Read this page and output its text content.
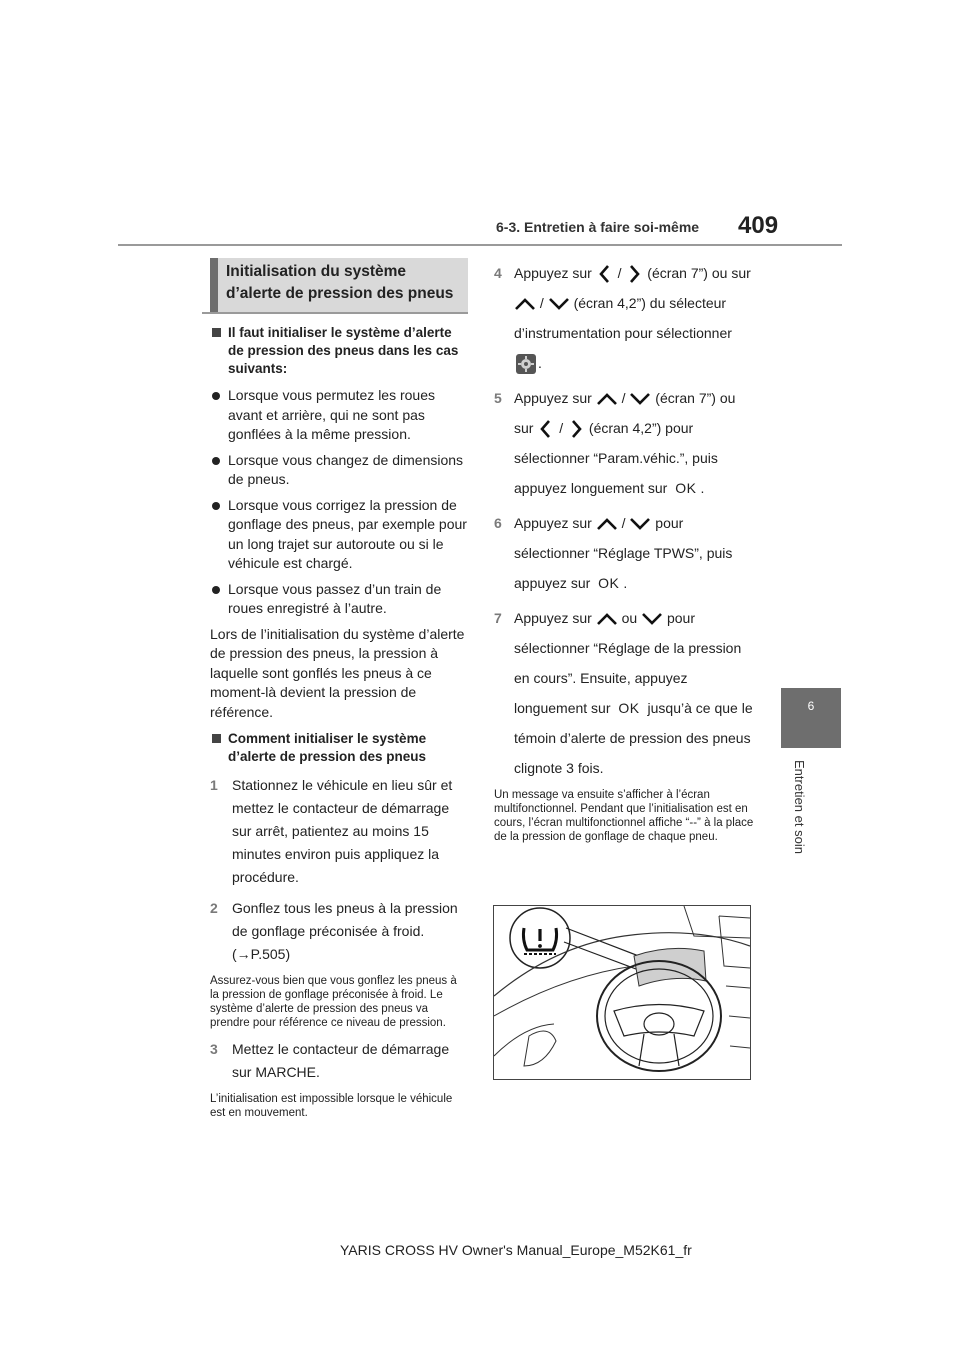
6-3. Entretien à faire soi-même 409
6
Entretien et soin
Initialisation du système d’alerte de pression des pneus
Il faut initialiser le système d’alerte de pression des pneus dans les cas suivants:
Lorsque vous permutez les roues avant et arrière, qui ne sont pas gonflées à la même pression.
Lorsque vous changez de dimensions de pneus.
Lorsque vous corrigez la pression de gonflage des pneus, par exemple pour un long trajet sur autoroute ou si le véhicule est chargé.
Lorsque vous passez d’un train de roues enregistré à l’autre.
Lors de l’initialisation du système d’alerte de pression des pneus, la pression à laquelle sont gonflés les pneus à ce moment-là devient la pression de référence.
Comment initialiser le système d’alerte de pression des pneus
1 Stationnez le véhicule en lieu sûr et mettez le contacteur de démarrage sur arrêt, patientez au moins 15 minutes environ puis appliquez la procédure.
2 Gonflez tous les pneus à la pression de gonflage préconisée à froid. (→P.505)
Assurez-vous bien que vous gonflez les pneus à la pression de gonflage préconisée à froid. Le système d’alerte de pression des pneus va prendre pour référence ce niveau de pression.
3 Mettez le contacteur de démarrage sur MARCHE.
L’initialisation est impossible lorsque le véhicule est en mouvement.
4 Appuyez sur / (écran 7”) ou sur  / (écran 4,2”) du sélecteur d’instrumentation pour sélectionner .
5 Appuyez sur / (écran 7”) ou sur / (écran 4,2”) pour sélectionner “Param.véhic.”, puis appuyez longuement sur OK .
6 Appuyez sur / pour sélectionner “Réglage TPWS”, puis appuyez sur OK .
7 Appuyez sur ou pour sélectionner “Réglage de la pression en cours”. Ensuite, appuyez longuement sur OK jusqu’à ce que le témoin d’alerte de pression des pneus clignote 3 fois.
Un message va ensuite s’afficher à l’écran multifonctionnel. Pendant que l’initialisation est en cours, l’écran multifonctionnel affiche “--” à la place de la pression de gonflage de chaque pneu.
YARIS CROSS HV Owner's Manual_Europe_M52K61_fr
